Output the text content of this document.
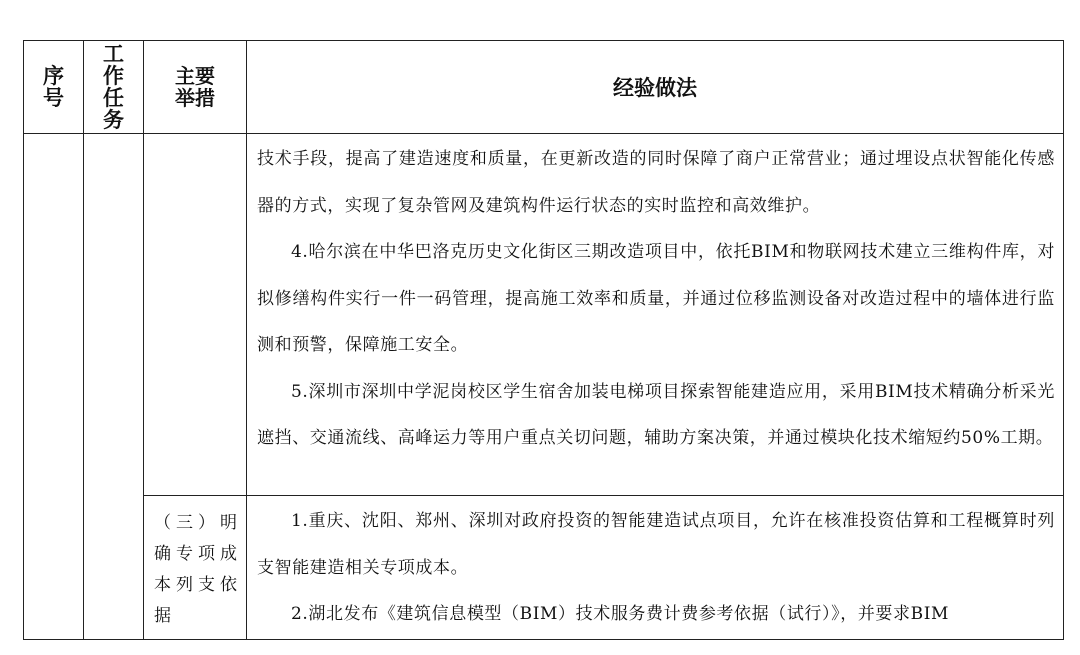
序号	工作任务	主要举措	经验做法

			技术手段，提高了建造速度和质量，在更新改造的同时保障了商户正常营业；通过埋设点状智能化传感器的方式，实现了复杂管网及建筑构件运行状态的实时监控和高效维护。

4.哈尔滨在中华巴洛克历史文化街区三期改造项目中，依托BIM和物联网技术建立三维构件库，对拟修缮构件实行一件一码管理，提高施工效率和质量，并通过位移监测设备对改造过程中的墙体进行监测和预警，保障施工安全。

5.深圳市深圳中学泥岗校区学生宿舍加装电梯项目探索智能建造应用，采用BIM技术精确分析采光遮挡、交通流线、高峰运力等用户重点关切问题，辅助方案决策，并通过模块化技术缩短约50%工期。

		（三）明确专项成本列支依据	1.重庆、沈阳、郑州、深圳对政府投资的智能建造试点项目，允许在核准投资估算和工程概算时列支智能建造相关专项成本。

2.湖北发布《建筑信息模型（BIM）技术服务费计费参考依据（试行）》，并要求BIM
